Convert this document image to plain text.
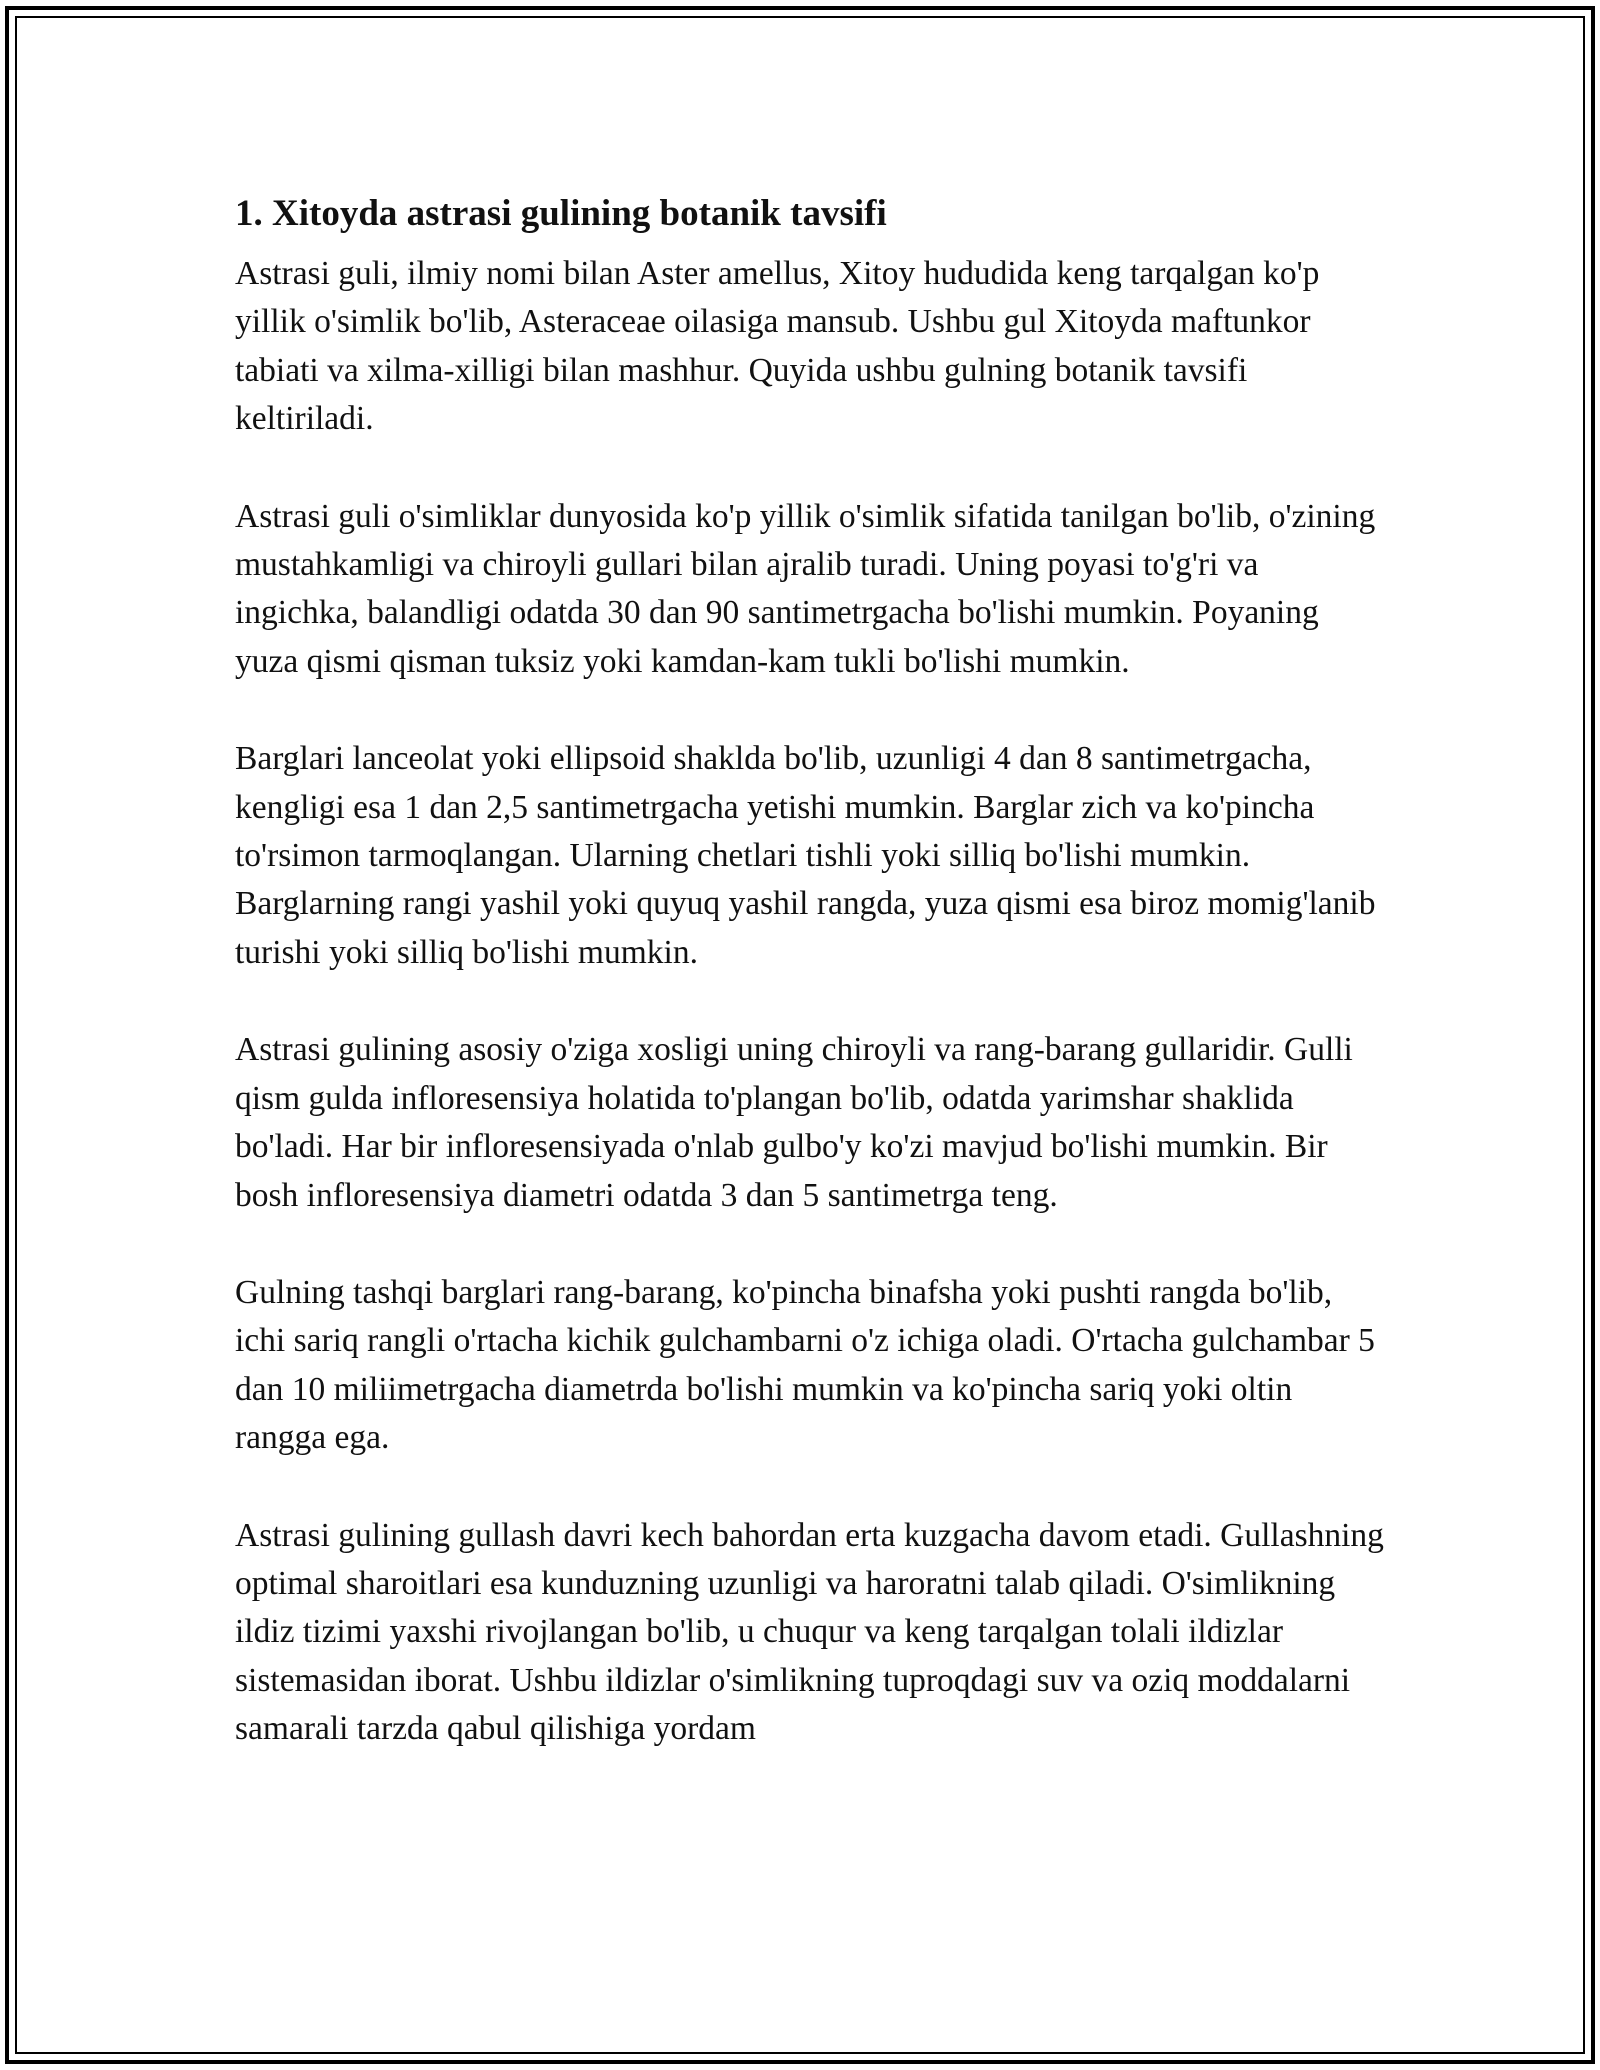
1. Xitoyda astrasi gulining botanik tavsifi

Astrasi guli, ilmiy nomi bilan Aster amellus, Xitoy hududida keng tarqalgan ko'p yillik o'simlik bo'lib, Asteraceae oilasiga mansub. Ushbu gul Xitoyda maftunkor tabiati va xilma-xilligi bilan mashhur. Quyida ushbu gulning botanik tavsifi keltiriladi.

Astrasi guli o'simliklar dunyosida ko'p yillik o'simlik sifatida tanilgan bo'lib, o'zining mustahkamligi va chiroyli gullari bilan ajralib turadi. Uning poyasi to'g'ri va ingichka, balandligi odatda 30 dan 90 santimetrgacha bo'lishi mumkin. Poyaning yuza qismi qisman tuksiz yoki kamdan-kam tukli bo'lishi mumkin.

Barglari lanceolat yoki ellipsoid shaklda bo'lib, uzunligi 4 dan 8 santimetrgacha, kengligi esa 1 dan 2,5 santimetrgacha yetishi mumkin. Barglar zich va ko'pincha to'rsimon tarmoqlangan. Ularning chetlari tishli yoki silliq bo'lishi mumkin. Barglarning rangi yashil yoki quyuq yashil rangda, yuza qismi esa biroz momig'lanib turishi yoki silliq bo'lishi mumkin.

Astrasi gulining asosiy o'ziga xosligi uning chiroyli va rang-barang gullaridir. Gulli qism gulda infloresensiya holatida to'plangan bo'lib, odatda yarimshar shaklida bo'ladi. Har bir infloresensiyada o'nlab gulbo'y ko'zi mavjud bo'lishi mumkin. Bir bosh infloresensiya diametri odatda 3 dan 5 santimetrga teng.

Gulning tashqi barglari rang-barang, ko'pincha binafsha yoki pushti rangda bo'lib, ichi sariq rangli o'rtacha kichik gulchambarni o'z ichiga oladi. O'rtacha gulchambar 5 dan 10 miliimetrgacha diametrda bo'lishi mumkin va ko'pincha sariq yoki oltin rangga ega.

Astrasi gulining gullash davri kech bahordan erta kuzgacha davom etadi. Gullashning optimal sharoitlari esa kunduzning uzunligi va haroratni talab qiladi. O'simlikning ildiz tizimi yaxshi rivojlangan bo'lib, u chuqur va keng tarqalgan tolali ildizlar sistemasidan iborat. Ushbu ildizlar o'simlikning tuproqdagi suv va oziq moddalarni samarali tarzda qabul qilishiga yordam
